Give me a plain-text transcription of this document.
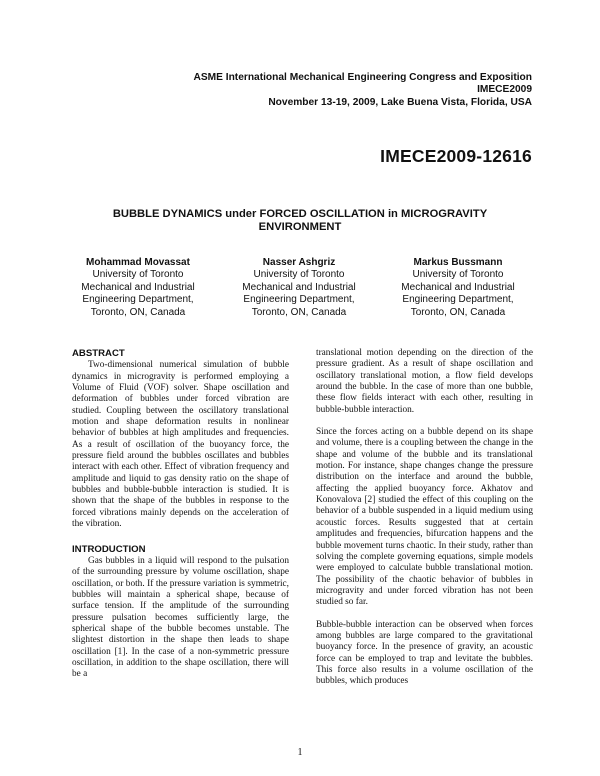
ASME International Mechanical Engineering Congress and Exposition
IMECE2009
November 13-19, 2009, Lake Buena Vista, Florida, USA
IMECE2009-12616
BUBBLE DYNAMICS under FORCED OSCILLATION in MICROGRAVITY ENVIRONMENT
Mohammad Movassat
University of Toronto
Mechanical and Industrial
Engineering Department,
Toronto, ON, Canada
Nasser Ashgriz
University of Toronto
Mechanical and Industrial
Engineering Department,
Toronto, ON, Canada
Markus Bussmann
University of Toronto
Mechanical and Industrial
Engineering Department,
Toronto, ON, Canada
ABSTRACT

Two-dimensional numerical simulation of bubble dynamics in microgravity is performed employing a Volume of Fluid (VOF) solver. Shape oscillation and deformation of bubbles under forced vibration are studied. Coupling between the oscillatory translational motion and shape deformation results in nonlinear behavior of bubbles at high amplitudes and frequencies. As a result of oscillation of the buoyancy force, the pressure field around the bubbles oscillates and bubbles interact with each other. Effect of vibration frequency and amplitude and liquid to gas density ratio on the shape of bubbles and bubble-bubble interaction is studied. It is shown that the shape of the bubbles in response to the forced vibrations mainly depends on the acceleration of the vibration.

INTRODUCTION

Gas bubbles in a liquid will respond to the pulsation of the surrounding pressure by volume oscillation, shape oscillation, or both. If the pressure variation is symmetric, bubbles will maintain a spherical shape, because of surface tension. If the amplitude of the surrounding pressure pulsation becomes sufficiently large, the spherical shape of the bubble becomes unstable. The slightest distortion in the shape then leads to shape oscillation [1]. In the case of a non-symmetric pressure oscillation, in addition to the shape oscillation, there will be a

translational motion depending on the direction of the pressure gradient. As a result of shape oscillation and oscillatory translational motion, a flow field develops around the bubble. In the case of more than one bubble, these flow fields interact with each other, resulting in bubble-bubble interaction.

Since the forces acting on a bubble depend on its shape and volume, there is a coupling between the change in the shape and volume of the bubble and its translational motion. For instance, shape changes change the pressure distribution on the interface and around the bubble, affecting the applied buoyancy force. Akhatov and Konovalova [2] studied the effect of this coupling on the behavior of a bubble suspended in a liquid medium using acoustic forces. Results suggested that at certain amplitudes and frequencies, bifurcation happens and the bubble movement turns chaotic. In their study, rather than solving the complete governing equations, simple models were employed to calculate bubble translational motion. The possibility of the chaotic behavior of bubbles in microgravity and under forced vibration has not been studied so far.

Bubble-bubble interaction can be observed when forces among bubbles are large compared to the gravitational buoyancy force. In the presence of gravity, an acoustic force can be employed to trap and levitate the bubbles. This force also results in a volume oscillation of the bubbles, which produces

1
